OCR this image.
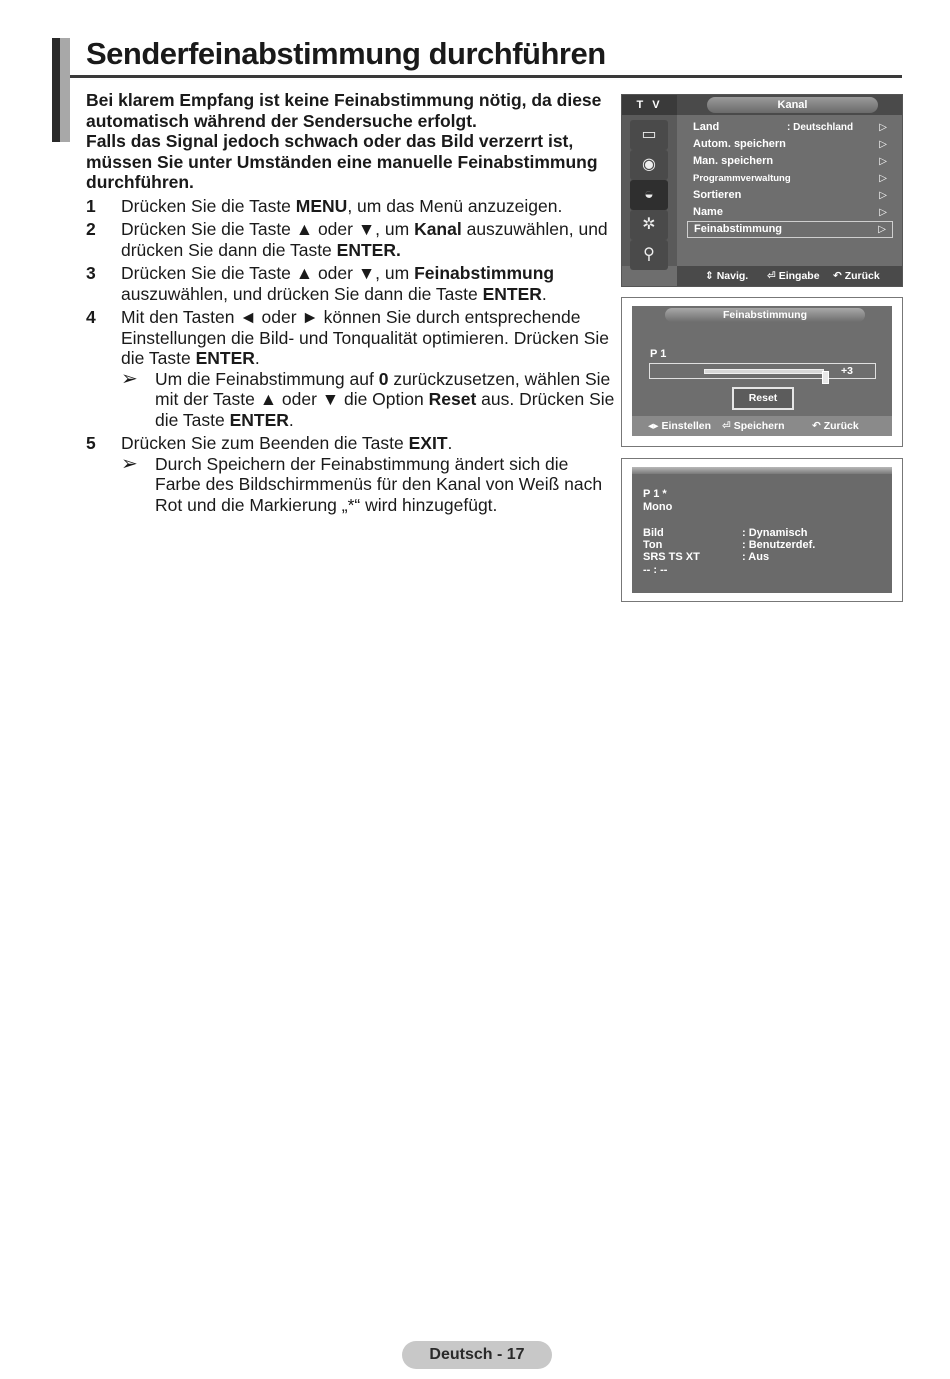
Senderfeinabstimmung durchführen

Bei klarem Empfang ist keine Feinabstimmung nötig, da diese automatisch während der Sendersuche erfolgt.
Falls das Signal jedoch schwach oder das Bild verzerrt ist, müssen Sie unter Umständen eine manuelle Feinabstimmung durchführen.

1 Drücken Sie die Taste MENU, um das Menü anzuzeigen.
2 Drücken Sie die Taste ▲ oder ▼, um Kanal auszuwählen, und drücken Sie dann die Taste ENTER.
3 Drücken Sie die Taste ▲ oder ▼, um Feinabstimmung auszuwählen, und drücken Sie dann die Taste ENTER.
4 Mit den Tasten ◄ oder ► können Sie durch entsprechende Einstellungen die Bild- und Tonqualität optimieren. Drücken Sie die Taste ENTER.
➢ Um die Feinabstimmung auf 0 zurückzusetzen, wählen Sie mit der Taste ▲ oder ▼ die Option Reset aus. Drücken Sie die Taste ENTER.
5 Drücken Sie zum Beenden die Taste EXIT.
➢ Durch Speichern der Feinabstimmung ändert sich die Farbe des Bildschirmmenüs für den Kanal von Weiß nach Rot und die Markierung „*“ wird hinzugefügt.
T V	Kanal
▭
◉
◒
✲
⚲
Land	: Deutschland	▷
Autom. speichern	▷
Man. speichern	▷
Programmverwaltung	▷
Sortieren	▷
Name	▷
Feinabstimmung	▷
⇕ Navig. ⏎ Eingabe ↶ Zurück
Feinabstimmung
P 1
+3
Reset
◂▸ Einstellen ⏎ Speichern	↶ Zurück
P 1 *
Mono
Bild	: Dynamisch
Ton	: Benutzerdef.
SRS TS XT	: Aus
-- : --
Deutsch - 17
